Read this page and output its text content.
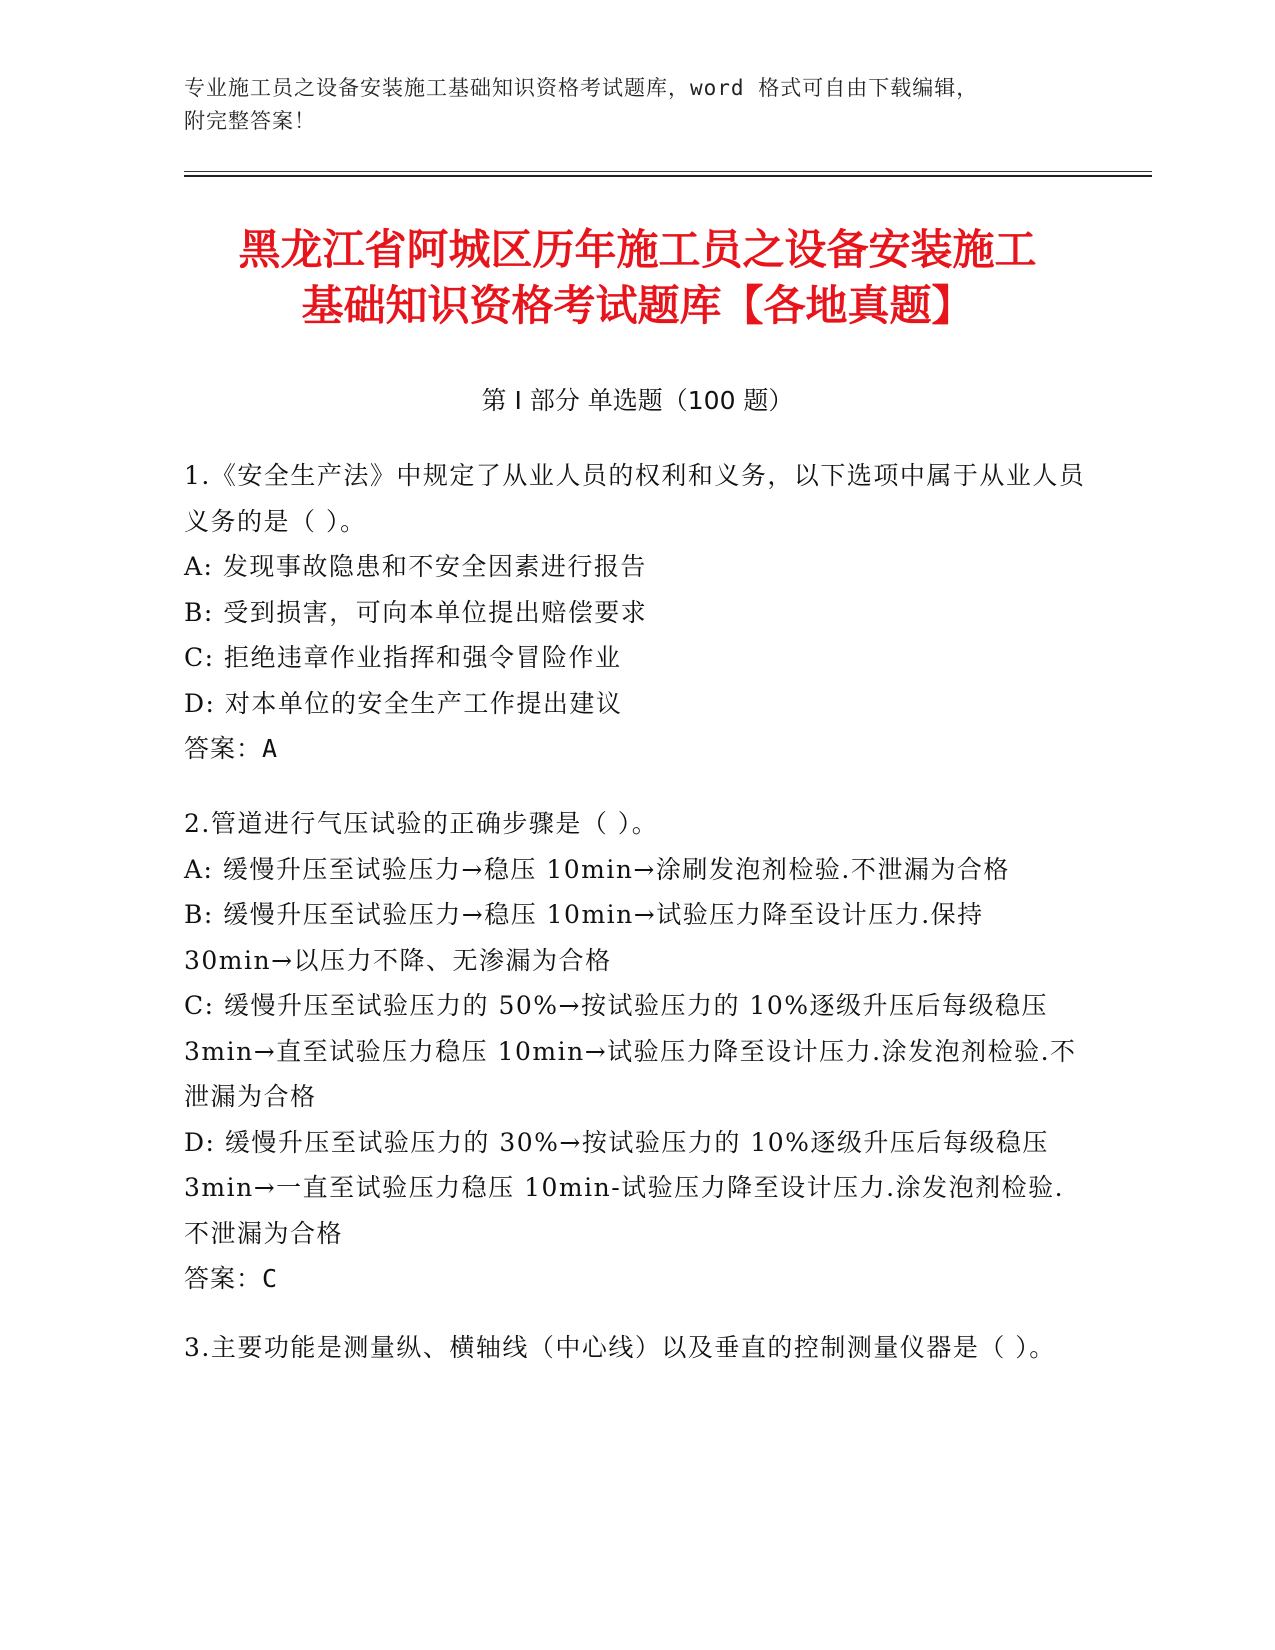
专业施工员之设备安装施工基础知识资格考试题库，word 格式可自由下载编辑，
附完整答案！
黑龙江省阿城区历年施工员之设备安装施工
基础知识资格考试题库【各地真题】
第 I 部分 单选题（100 题）

1.《安全生产法》中规定了从业人员的权利和义务，以下选项中属于从业人员义务的是（ ）。

A: 发现事故隐患和不安全因素进行报告

B: 受到损害，可向本单位提出赔偿要求

C: 拒绝违章作业指挥和强令冒险作业

D: 对本单位的安全生产工作提出建议

答案：A

2.管道进行气压试验的正确步骤是（ ）。

A: 缓慢升压至试验压力→稳压 10min→涂刷发泡剂检验.不泄漏为合格

B: 缓慢升压至试验压力→稳压 10min→试验压力降至设计压力.保持 30min→以压力不降、无渗漏为合格

C: 缓慢升压至试验压力的 50%→按试验压力的 10%逐级升压后每级稳压 3min→直至试验压力稳压 10min→试验压力降至设计压力.涂发泡剂检验.不泄漏为合格

D: 缓慢升压至试验压力的 30%→按试验压力的 10%逐级升压后每级稳压 3min→一直至试验压力稳压 10min-试验压力降至设计压力.涂发泡剂检验.不泄漏为合格

答案：C

3.主要功能是测量纵、横轴线（中心线）以及垂直的控制测量仪器是（ ）。
